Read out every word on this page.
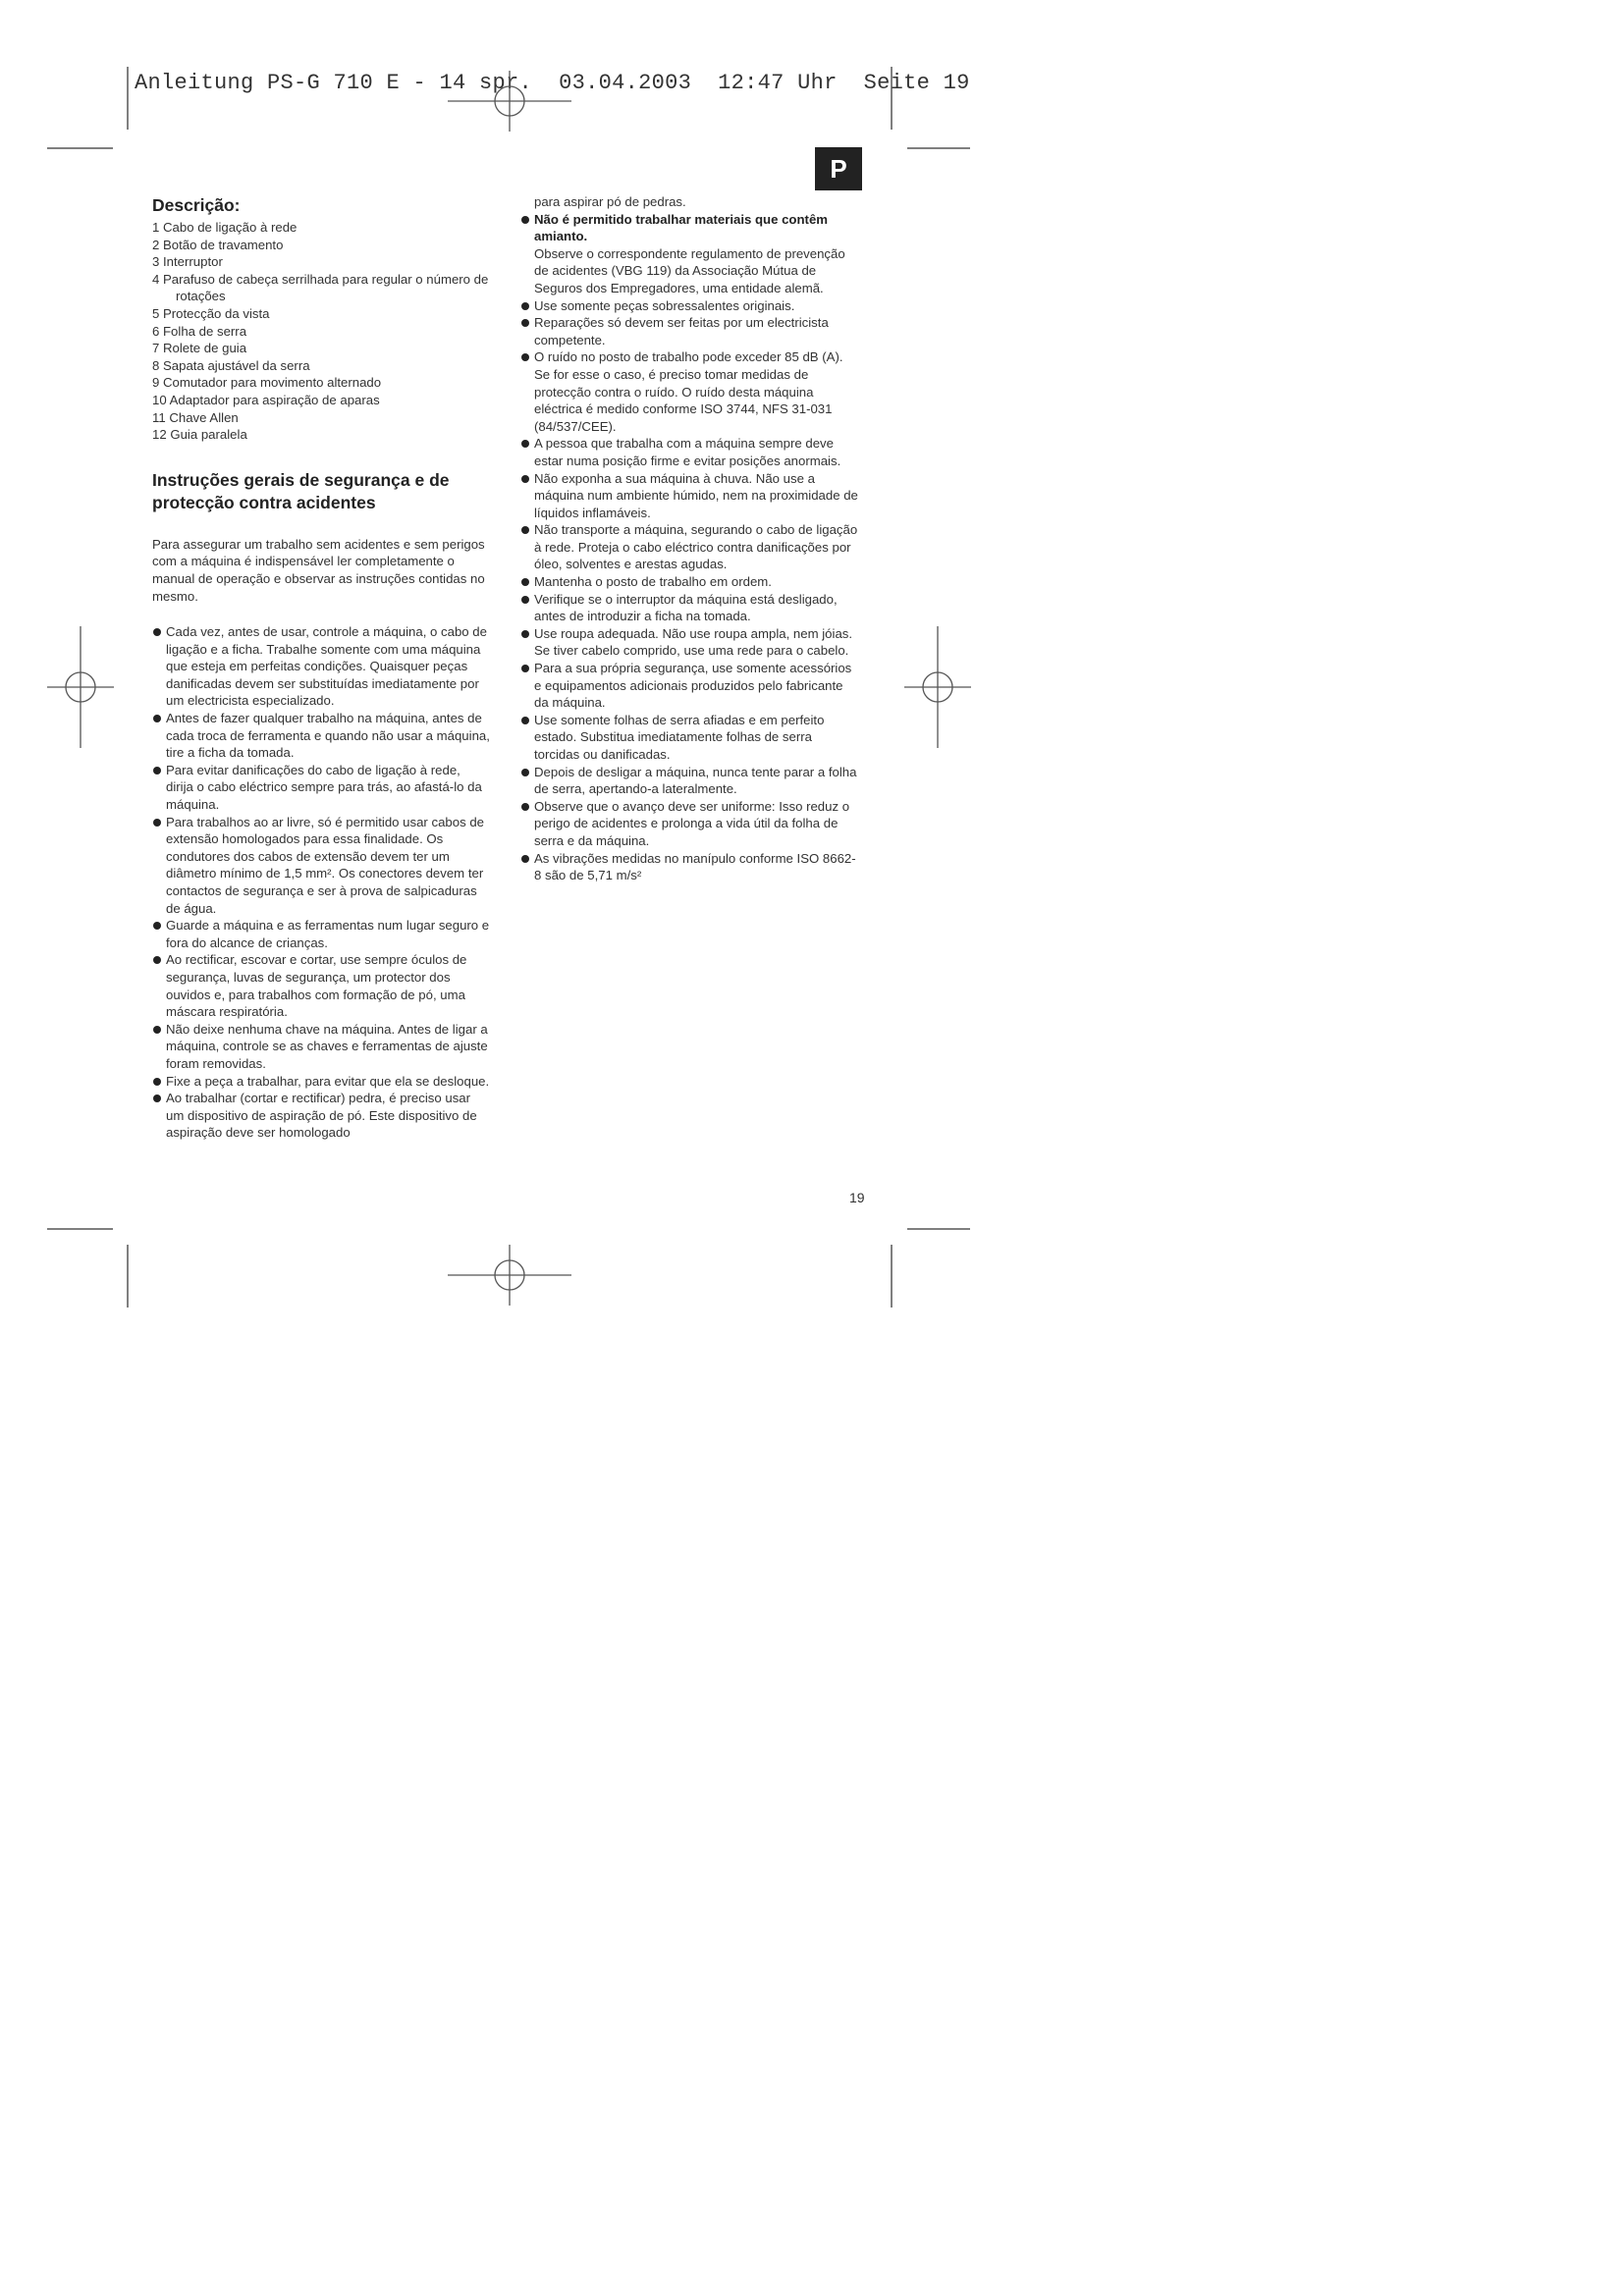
Anleitung PS-G 710 E - 14 spr.  03.04.2003  12:47 Uhr  Seite 19
P
Descrição:
1 Cabo de ligação à rede
2 Botão de travamento
3 Interruptor
4 Parafuso de cabeça serrilhada para regular o número de rotações
5 Protecção da vista
6 Folha de serra
7 Rolete de guia
8 Sapata ajustável da serra
9 Comutador para movimento alternado
10 Adaptador para aspiração de aparas
11 Chave Allen
12 Guia paralela
Instruções gerais de segurança e de protecção contra acidentes

Para assegurar um trabalho sem acidentes e sem perigos com a máquina é indispensável ler completamente o manual de operação e observar as instruções contidas no mesmo.

Cada vez, antes de usar, controle a máquina, o cabo de ligação e a ficha. Trabalhe somente com uma máquina que esteja em perfeitas condições. Quaisquer peças danificadas devem ser substituídas imediatamente por um electricista especializado.
Antes de fazer qualquer trabalho na máquina, antes de cada troca de ferramenta e quando não usar a máquina, tire a ficha da tomada.
Para evitar danificações do cabo de ligação à rede, dirija o cabo eléctrico sempre para trás, ao afastá-lo da máquina.
Para trabalhos ao ar livre, só é permitido usar cabos de extensão homologados para essa finalidade. Os condutores dos cabos de extensão devem ter um diâmetro mínimo de 1,5 mm². Os conectores devem ter contactos de segurança e ser à prova de salpicaduras de água.
Guarde a máquina e as ferramentas num lugar seguro e fora do alcance de crianças.
Ao rectificar, escovar e cortar, use sempre óculos de segurança, luvas de segurança, um protector dos ouvidos e, para trabalhos com formação de pó, uma máscara respiratória.
Não deixe nenhuma chave na máquina. Antes de ligar a máquina, controle se as chaves e ferramentas de ajuste foram removidas.
Fixe a peça a trabalhar, para evitar que ela se desloque.
Ao trabalhar (cortar e rectificar) pedra, é preciso usar um dispositivo de aspiração de pó. Este dispositivo de aspiração deve ser homologado

para aspirar pó de pedras.

Não é permitido trabalhar materiais que contêm amianto.
Observe o correspondente regulamento de prevenção de acidentes (VBG 119) da Associação Mútua de Seguros dos Empregadores, uma entidade alemã.
Use somente peças sobressalentes originais.
Reparações só devem ser feitas por um electricista competente.
O ruído no posto de trabalho pode exceder 85 dB (A). Se for esse o caso, é preciso tomar medidas de protecção contra o ruído. O ruído desta máquina eléctrica é medido conforme ISO 3744, NFS 31-031 (84/537/CEE).
A pessoa que trabalha com a máquina sempre deve estar numa posição firme e evitar posições anormais.
Não exponha a sua máquina à chuva. Não use a máquina num ambiente húmido, nem na proximidade de líquidos inflamáveis.
Não transporte a máquina, segurando o cabo de ligação à rede. Proteja o cabo eléctrico contra danificações por óleo, solventes e arestas agudas.
Mantenha o posto de trabalho em ordem.
Verifique se o interruptor da máquina está desligado, antes de introduzir a ficha na tomada.
Use roupa adequada. Não use roupa ampla, nem jóias. Se tiver cabelo comprido, use uma rede para o cabelo.
Para a sua própria segurança, use somente acessórios e equipamentos adicionais produzidos pelo fabricante da máquina.
Use somente folhas de serra afiadas e em perfeito estado. Substitua imediatamente folhas de serra torcidas ou danificadas.
Depois de desligar a máquina, nunca tente parar a folha de serra, apertando-a lateralmente.
Observe que o avanço deve ser uniforme: Isso reduz o perigo de acidentes e prolonga a vida útil da folha de serra e da máquina.
As vibrações medidas no manípulo conforme ISO 8662-8 são de 5,71 m/s²
19
